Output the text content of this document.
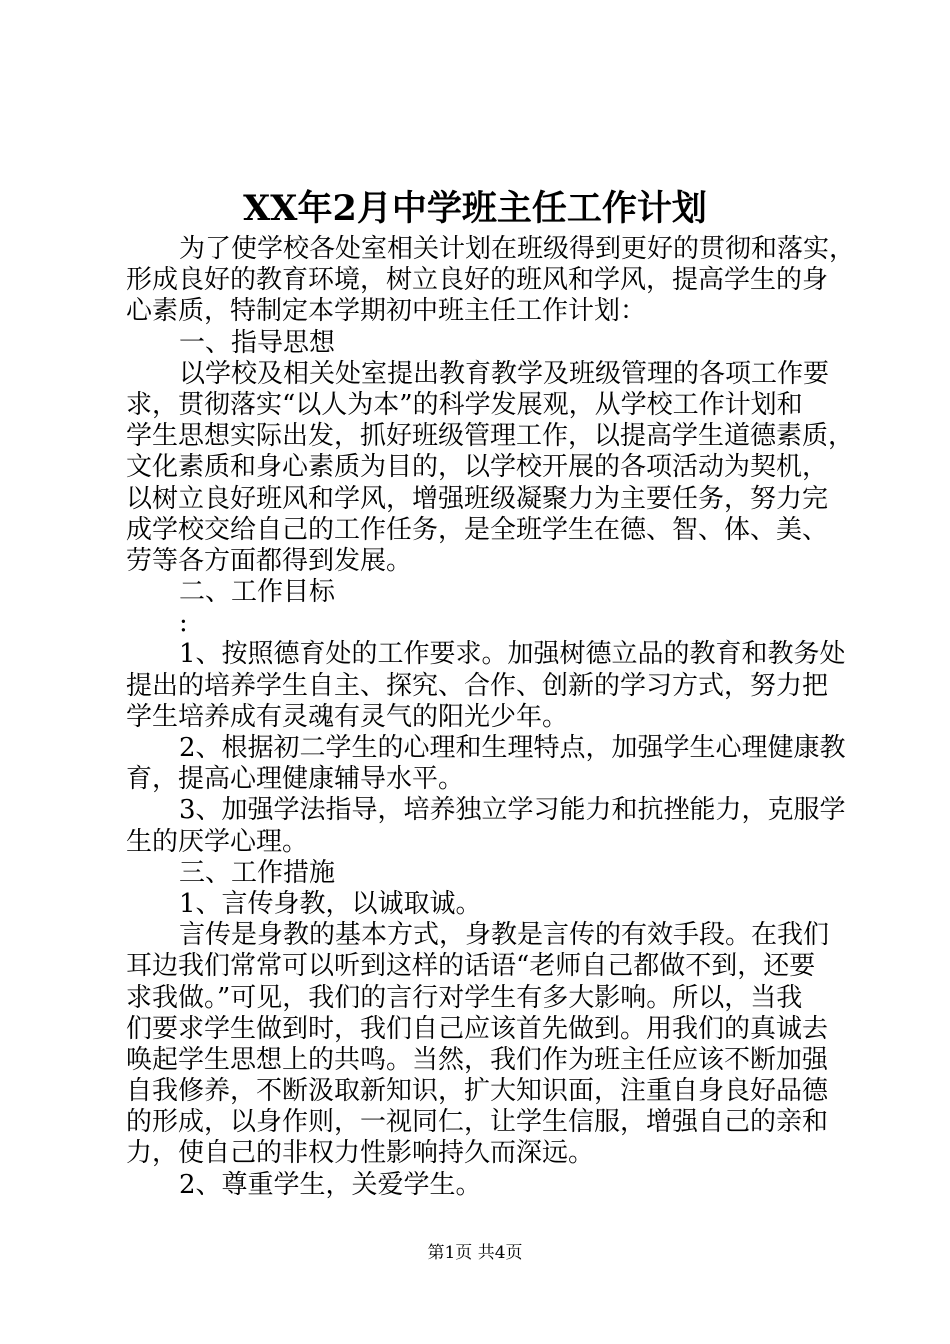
XX年2月中学班主任工作计划
为了使学校各处室相关计划在班级得到更好的贯彻和落实，
形成良好的教育环境，树立良好的班风和学风，提高学生的身
心素质，特制定本学期初中班主任工作计划：
一、指导思想
以学校及相关处室提出教育教学及班级管理的各项工作要
求，贯彻落实“以人为本”的科学发展观，从学校工作计划和
学生思想实际出发，抓好班级管理工作，以提高学生道德素质，
文化素质和身心素质为目的，以学校开展的各项活动为契机，
以树立良好班风和学风，增强班级凝聚力为主要任务，努力完
成学校交给自己的工作任务，是全班学生在德、智、体、美、
劳等各方面都得到发展。
二、工作目标
:
1、按照德育处的工作要求。加强树德立品的教育和教务处
提出的培养学生自主、探究、合作、创新的学习方式，努力把
学生培养成有灵魂有灵气的阳光少年。
2、根据初二学生的心理和生理特点，加强学生心理健康教
育，提高心理健康辅导水平。
3、加强学法指导，培养独立学习能力和抗挫能力，克服学
生的厌学心理。
三、工作措施
1、言传身教，以诚取诚。
言传是身教的基本方式，身教是言传的有效手段。在我们
耳边我们常常可以听到这样的话语“老师自己都做不到，还要
求我做。”可见，我们的言行对学生有多大影响。所以，当我
们要求学生做到时，我们自己应该首先做到。用我们的真诚去
唤起学生思想上的共鸣。当然，我们作为班主任应该不断加强
自我修养，不断汲取新知识，扩大知识面，注重自身良好品德
的形成，以身作则，一视同仁，让学生信服，增强自己的亲和
力，使自己的非权力性影响持久而深远。
2、尊重学生，关爱学生。
第1页 共4页
